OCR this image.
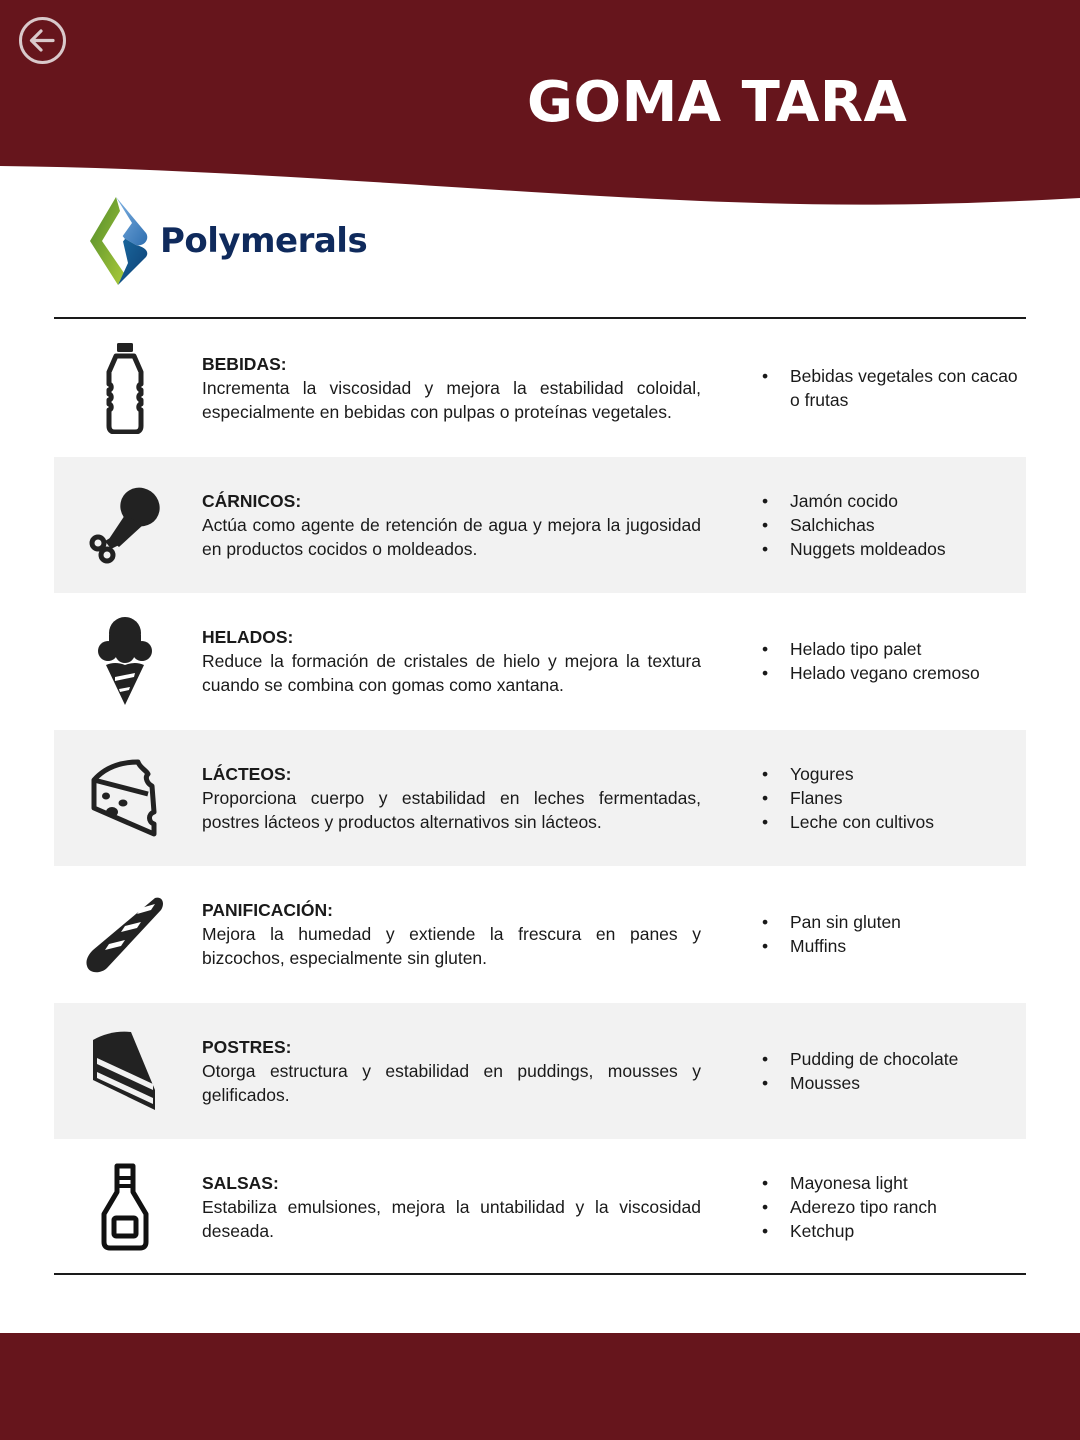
GOMA TARA
Polymerals
BEBIDAS:
Incrementa la viscosidad y mejora la estabilidad coloidal, especialmente en bebidas con pulpas o proteínas vegetales.
• Bebidas vegetales con cacao o frutas
CÁRNICOS:
Actúa como agente de retención de agua y mejora la jugosidad en productos cocidos o moldeados.
• Jamón cocido
• Salchichas
• Nuggets moldeados
HELADOS:
Reduce la formación de cristales de hielo y mejora la textura cuando se combina con gomas como xantana.
• Helado tipo palet
• Helado vegano cremoso
LÁCTEOS:
Proporciona cuerpo y estabilidad en leches fermentadas, postres lácteos y productos alternativos sin lácteos.
• Yogures
• Flanes
• Leche con cultivos
PANIFICACIÓN:
Mejora la humedad y extiende la frescura en panes y bizcochos, especialmente sin gluten.
• Pan sin gluten
• Muffins
POSTRES:
Otorga estructura y estabilidad en puddings, mousses y gelificados.
• Pudding de chocolate
• Mousses
SALSAS:
Estabiliza emulsiones, mejora la untabilidad y la viscosidad deseada.
• Mayonesa light
• Aderezo tipo ranch
• Ketchup
